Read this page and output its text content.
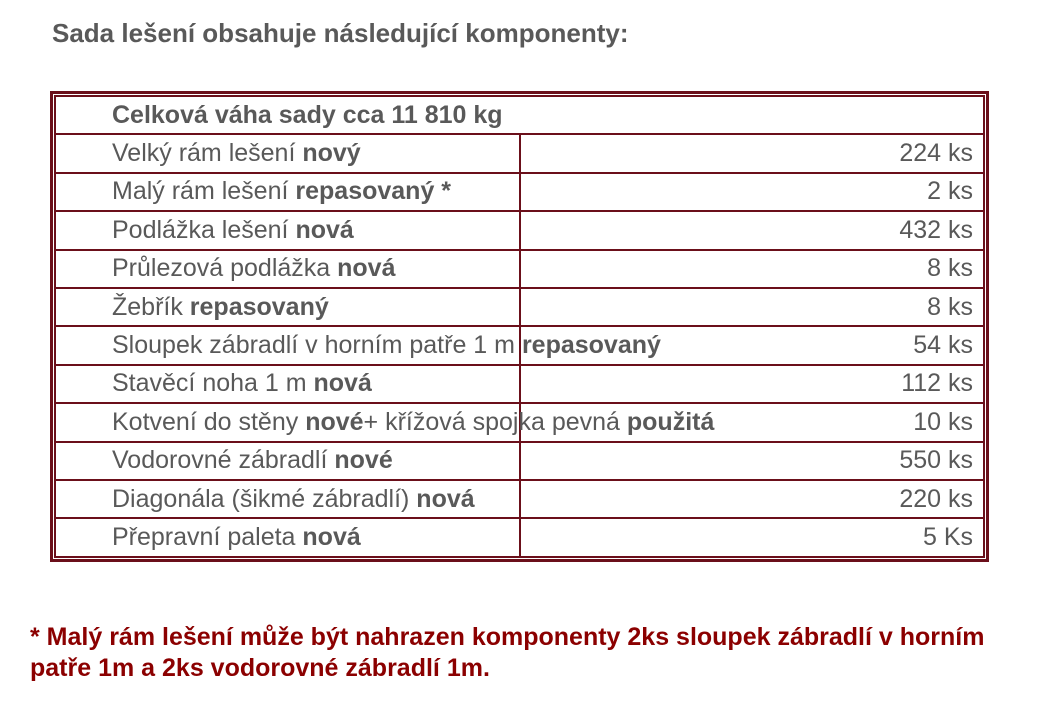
Sada lešení obsahuje následující komponenty:
Celková váha sady cca 11 810 kg	
Velký rám lešení nový	224 ks
Malý rám lešení repasovaný *	2 ks
Podlážka lešení nová	432 ks
Průlezová podlážka nová	8 ks
Žebřík repasovaný	8 ks
Sloupek zábradlí v horním patře 1 m repasovaný	54 ks
Stavěcí noha 1 m nová	112 ks
Kotvení do stěny nové+ křížová spojka pevná použitá	10 ks
Vodorovné zábradlí nové	550 ks
Diagonála (šikmé zábradlí) nová	220 ks
Přepravní paleta nová	5 Ks
* Malý rám lešení může být nahrazen komponenty 2ks sloupek zábradlí v horním patře 1m a 2ks vodorovné zábradlí 1m.
